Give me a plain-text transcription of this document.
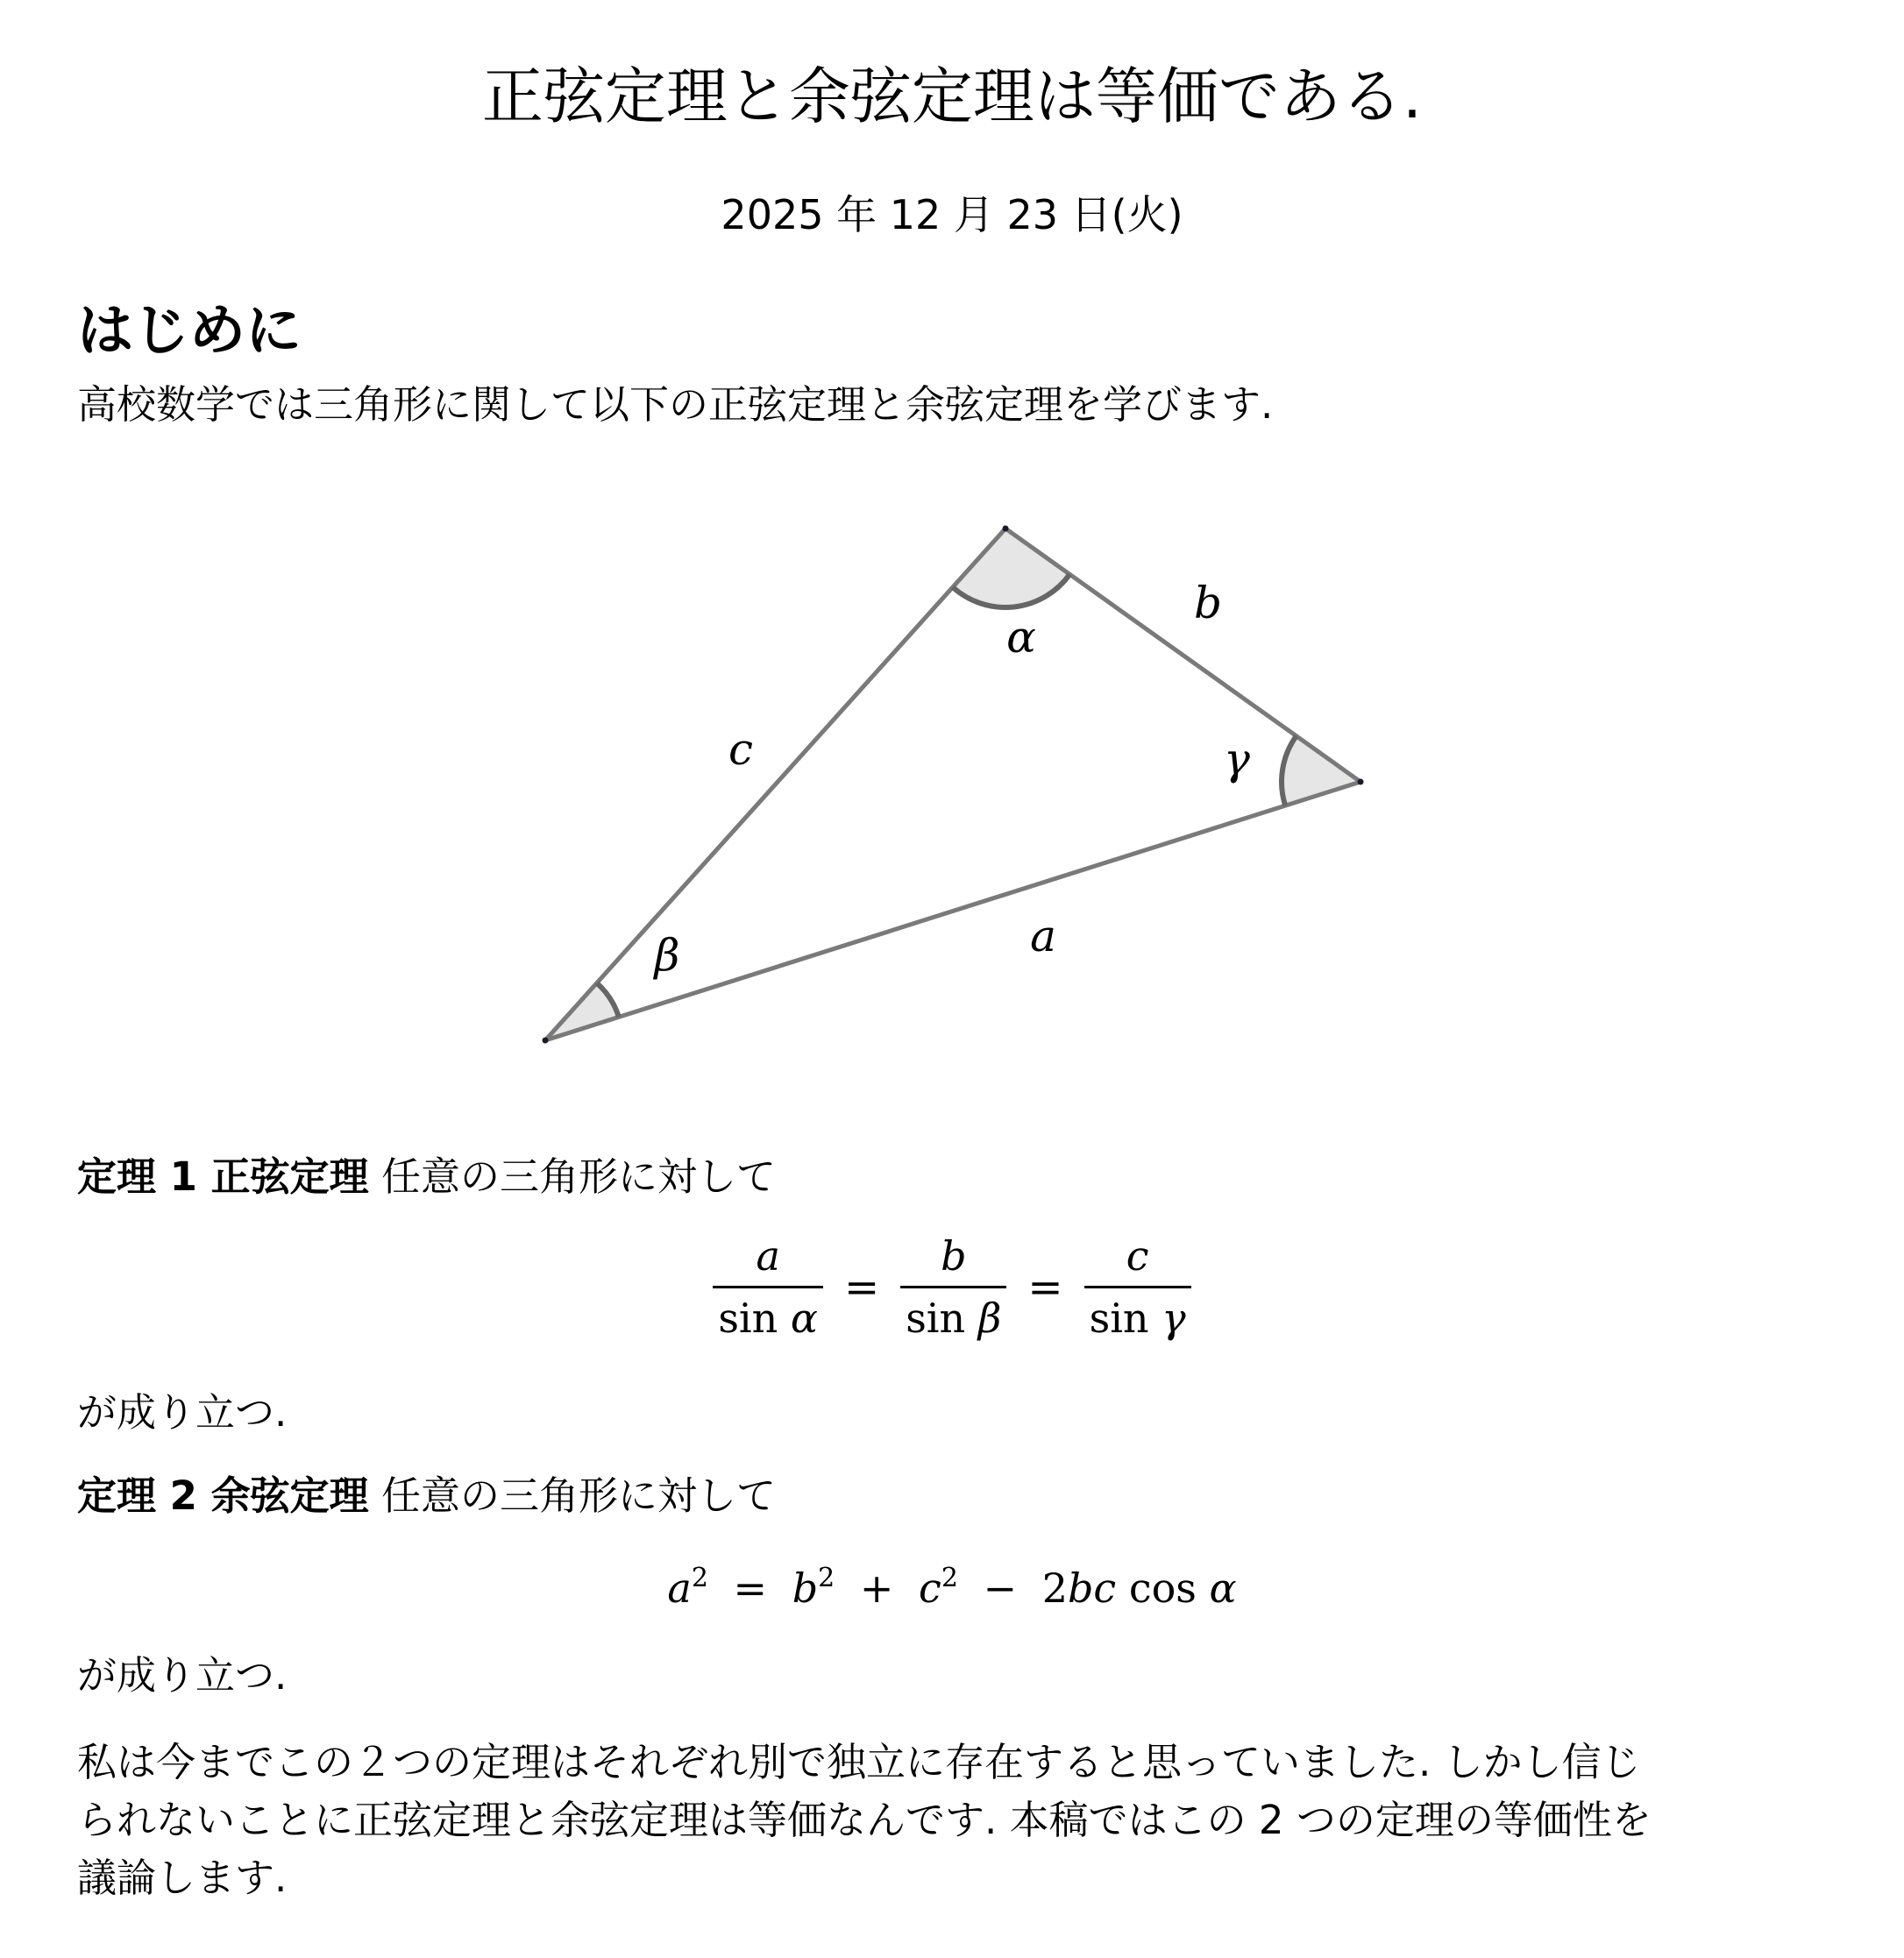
正弦定理と余弦定理は等価である.
2025 年 12 月 23 日(火)
はじめに
高校数学では三角形に関して以下の正弦定理と余弦定理を学びます.
α
β
γ
a
b
c
定理 1 正弦定理 任意の三角形に対して
$\frac{a}{\text{sin α}} = \frac{b}{\text{sin β}} = \frac{c}{\text{sin γ}}$
が成り立つ.
定理 2 余弦定理 任意の三角形に対して
$a^2 = b^2 + c^2 - 2bc$ cos α
が成り立つ.
私は今までこの２つの定理はそれぞれ別で独立に存在すると思っていました. しかし信じ
られないことに正弦定理と余弦定理は等価なんです. 本稿ではこの 2 つの定理の等価性を
議論します.
